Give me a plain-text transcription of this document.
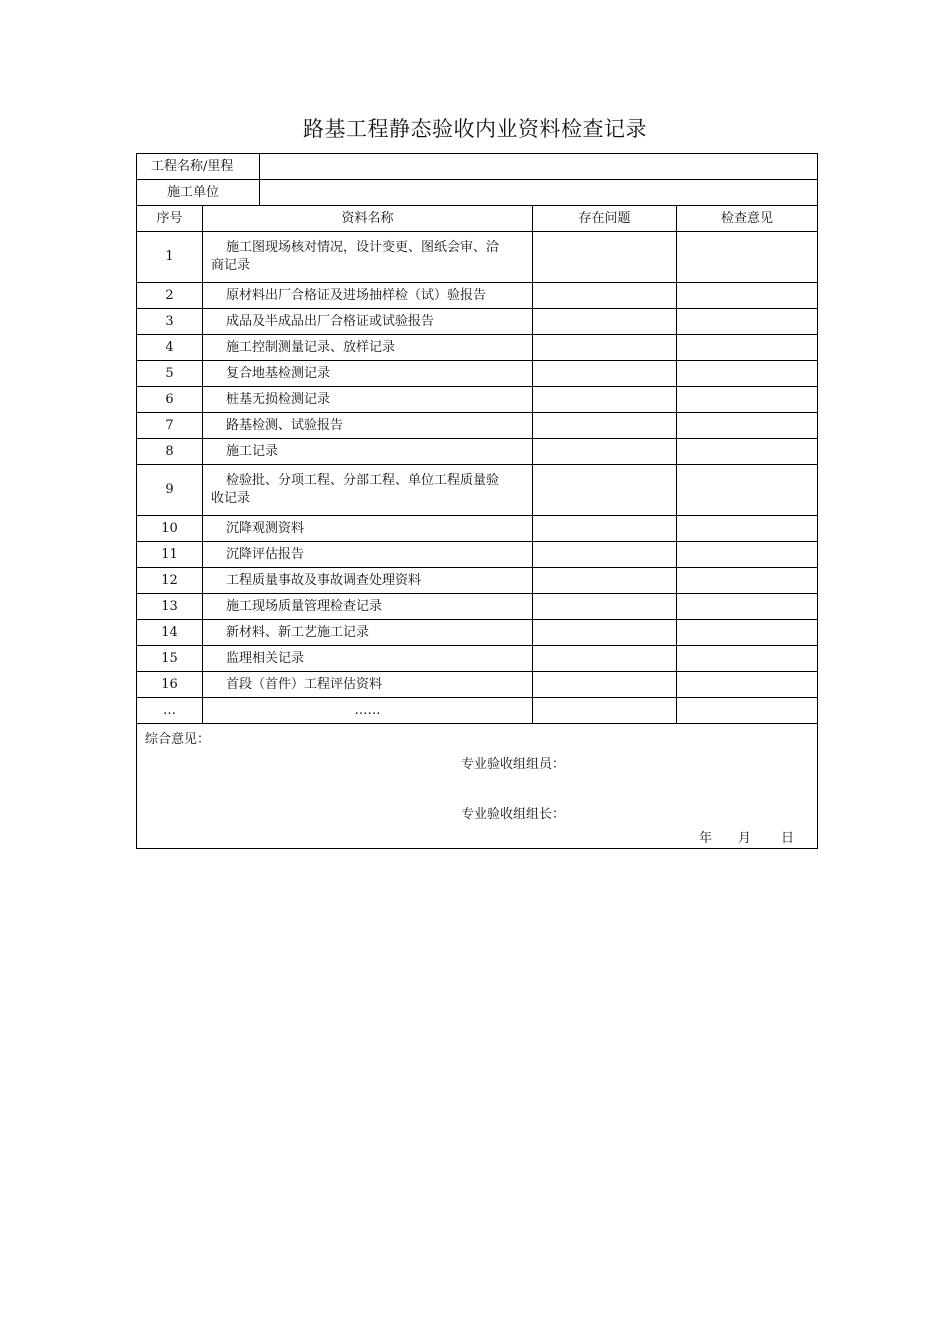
路基工程静态验收内业资料检查记录
工程名称/里程				
施工单位				
序号	资料名称		存在问题	检查意见
1	施工图现场核对情况，设计变更、图纸会审、洽
商记录			
2	原材料出厂合格证及进场抽样检（试）验报告			
3	成品及半成品出厂合格证或试验报告			
4	施工控制测量记录、放样记录			
5	复合地基检测记录			
6	桩基无损检测记录			
7	路基检测、试验报告			
8	施工记录			
9	检验批、分项工程、分部工程、单位工程质量验
收记录			
10	沉降观测资料			
11	沉降评估报告			
12	工程质量事故及事故调查处理资料			
13	施工现场质量管理检查记录			
14	新材料、新工艺施工记录			
15	监理相关记录			
16	首段（首件）工程评估资料			
…	……			

综合意见：
专业验收组组员：
专业验收组组长：
年 月 日				
